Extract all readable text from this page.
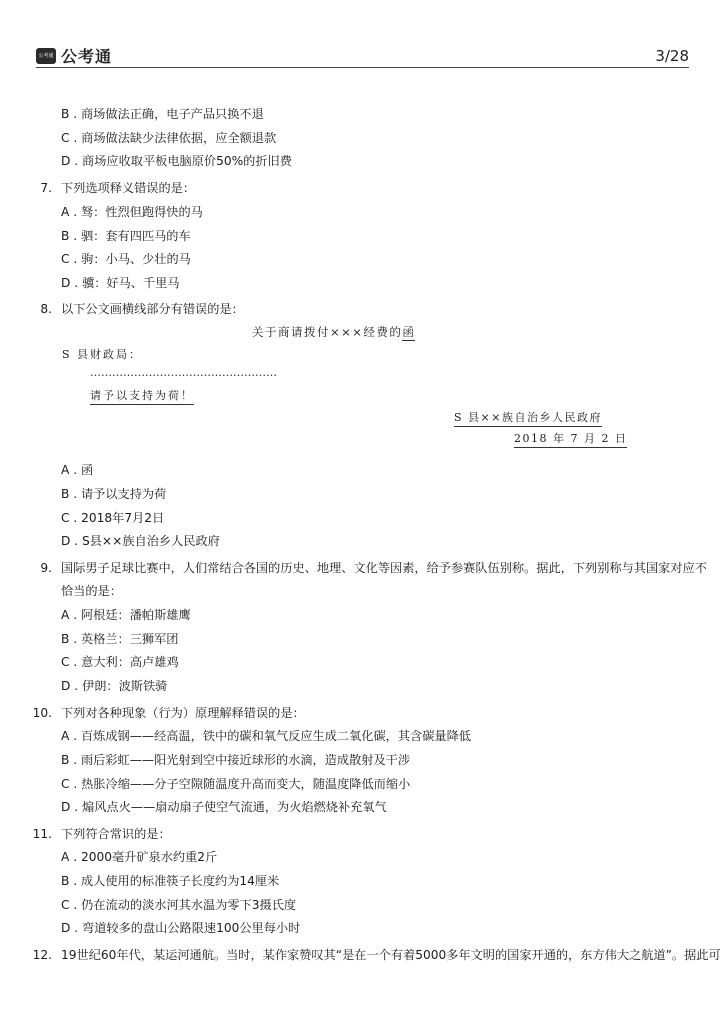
公考通 公考通	3/28
B . 商场做法正确，电子产品只换不退
C . 商场做法缺少法律依据，应全额退款
D . 商场应收取平板电脑原价50%的折旧费
7. 下列选项释义错误的是：
A . 驽：性烈但跑得快的马
B . 驷：套有四匹马的车
C . 驹：小马、少壮的马
D . 骥：好马、千里马
8. 以下公文画横线部分有错误的是：
关于商请拨付×××经费的函
S 县财政局：
……………………………………………
请予以支持为荷！
S 县××族自治乡人民政府
2018 年 7 月 2 日
A . 函
B . 请予以支持为荷
C . 2018年7月2日
D . S县××族自治乡人民政府
9. 国际男子足球比赛中，人们常结合各国的历史、地理、文化等因素，给予参赛队伍别称。据此，下列别称与其国家对应不
恰当的是：
A . 阿根廷：潘帕斯雄鹰
B . 英格兰：三狮军团
C . 意大利：高卢雄鸡
D . 伊朗：波斯铁骑
10. 下列对各种现象（行为）原理解释错误的是：
A . 百炼成钢——经高温，铁中的碳和氧气反应生成二氧化碳，其含碳量降低
B . 雨后彩虹——阳光射到空中接近球形的水滴，造成散射及干涉
C . 热胀冷缩——分子空隙随温度升高而变大，随温度降低而缩小
D . 煽风点火——扇动扇子使空气流通，为火焰燃烧补充氧气
11. 下列符合常识的是：
A . 2000毫升矿泉水约重2斤
B . 成人使用的标准筷子长度约为14厘米
C . 仍在流动的淡水河其水温为零下3摄氏度
D . 弯道较多的盘山公路限速100公里每小时
12. 19世纪60年代，某运河通航。当时，某作家赞叹其“是在一个有着5000多年文明的国家开通的，东方伟大之航道”。据此可
